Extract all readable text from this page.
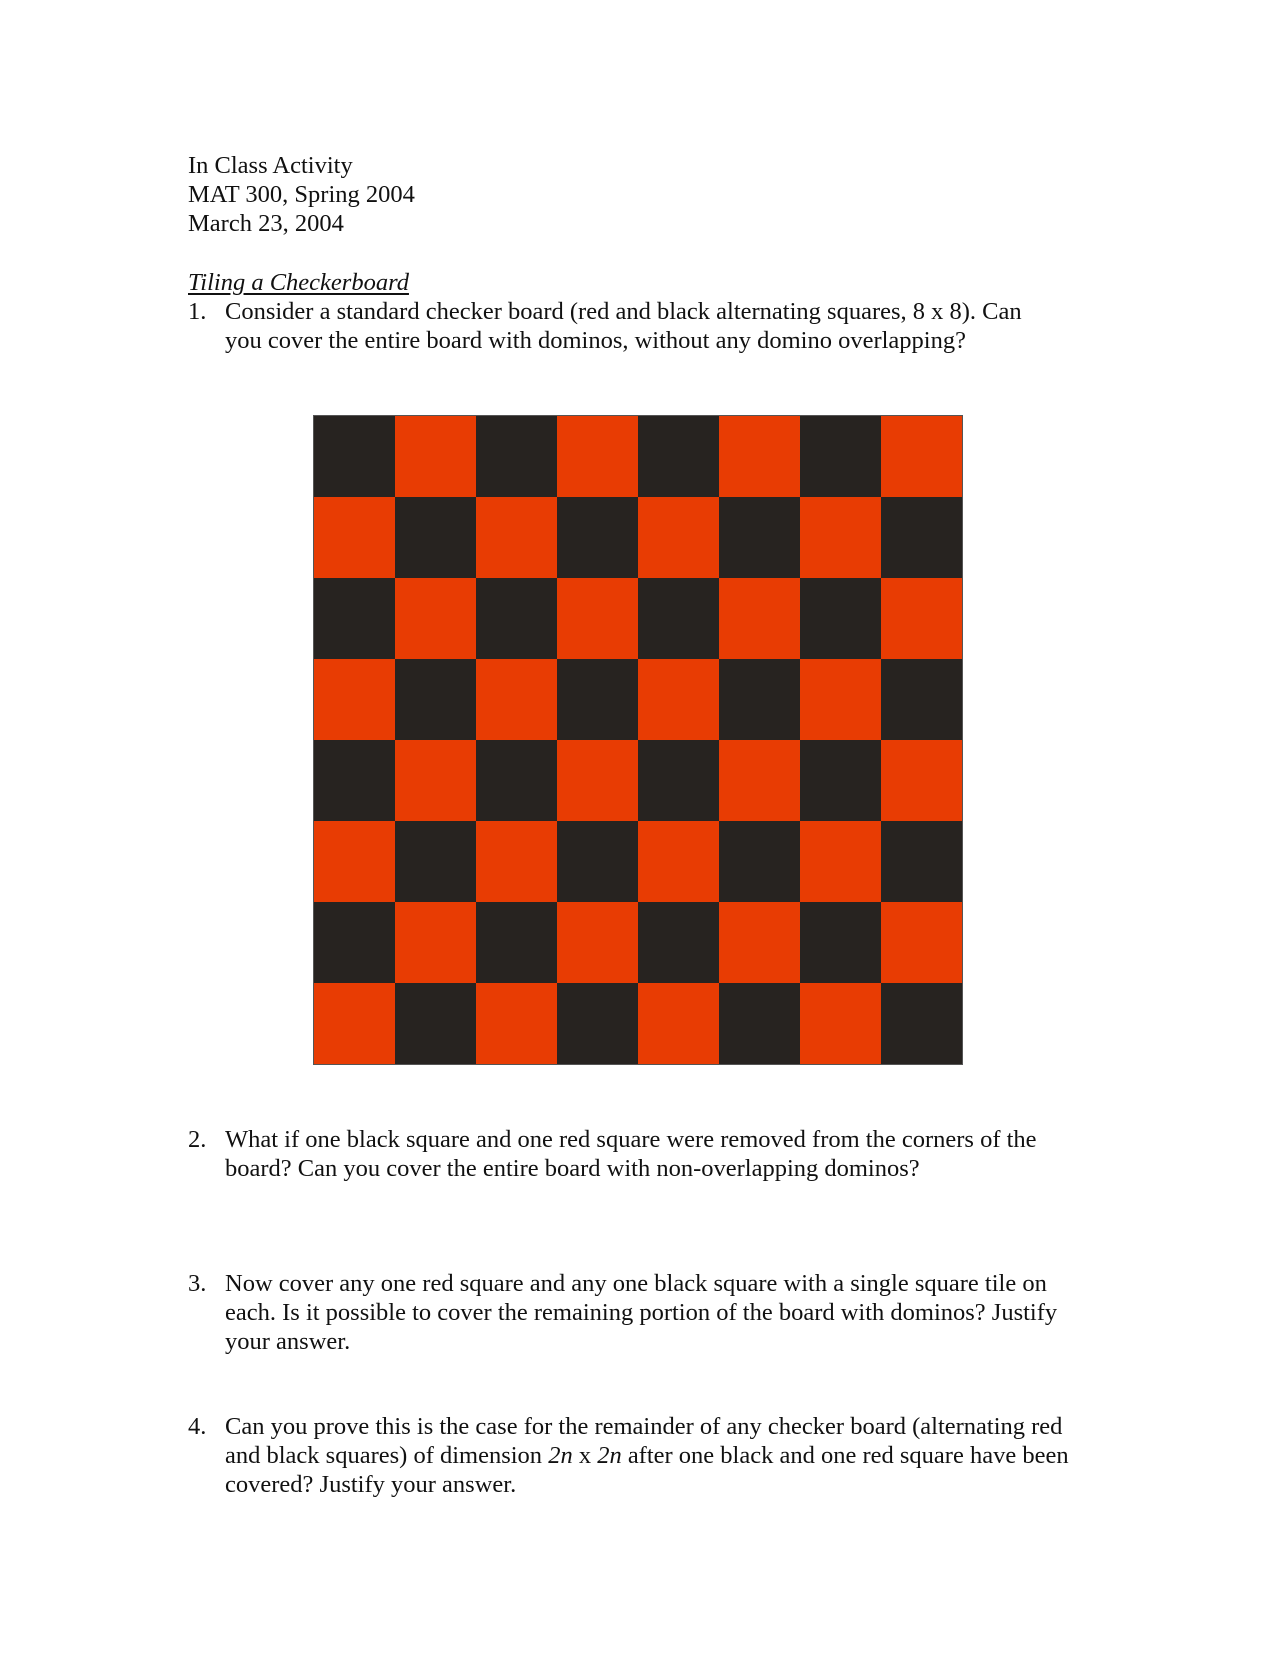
In Class Activity
MAT 300, Spring 2004
March 23, 2004
Tiling a Checkerboard
1. Consider a standard checker board (red and black alternating squares, 8 x 8). Can
you cover the entire board with dominos, without any domino overlapping?
2. What if one black square and one red square were removed from the corners of the
board? Can you cover the entire board with non-overlapping dominos?
3. Now cover any one red square and any one black square with a single square tile on
each. Is it possible to cover the remaining portion of the board with dominos? Justify
your answer.
4. Can you prove this is the case for the remainder of any checker board (alternating red
and black squares) of dimension 2n x 2n after one black and one red square have been
covered? Justify your answer.
